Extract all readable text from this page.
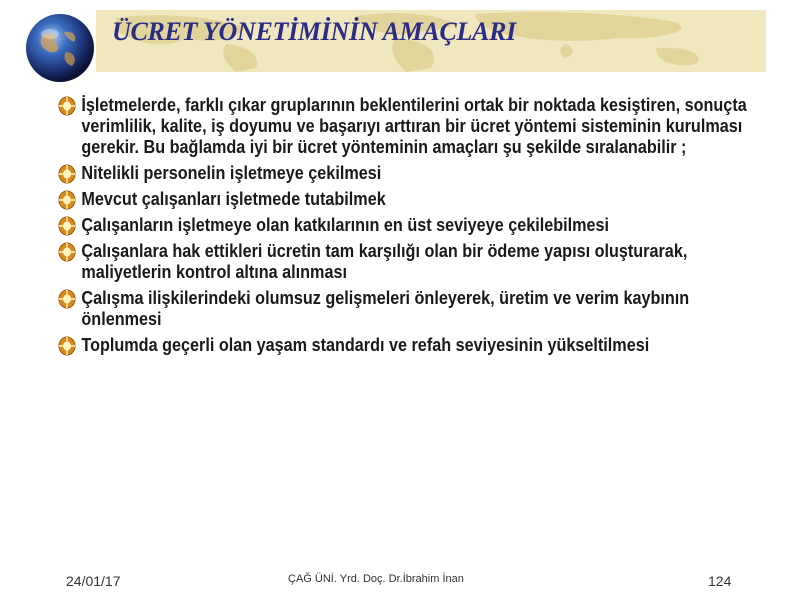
ÜCRET YÖNETİMİNİN AMAÇLARI
İşletmelerde, farklı çıkar gruplarının beklentilerini ortak bir noktada kesiştiren, sonuçta verimlilik, kalite, iş doyumu ve başarıyı arttıran bir ücret yöntemi sisteminin kurulması gerekir. Bu bağlamda iyi bir ücret yönteminin amaçları şu şekilde sıralanabilir ;
Nitelikli personelin işletmeye çekilmesi
Mevcut çalışanları işletmede tutabilmek
Çalışanların işletmeye olan katkılarının en üst seviyeye çekilebilmesi
Çalışanlara hak ettikleri ücretin tam karşılığı olan bir ödeme yapısı oluşturarak, maliyetlerin kontrol altına alınması
Çalışma ilişkilerindeki olumsuz gelişmeleri önleyerek, üretim ve verim kaybının önlenmesi
Toplumda geçerli olan yaşam standardı ve refah seviyesinin yükseltilmesi
24/01/17	ÇAĞ ÜNİ. Yrd. Doç. Dr.İbrahim İnan	124
